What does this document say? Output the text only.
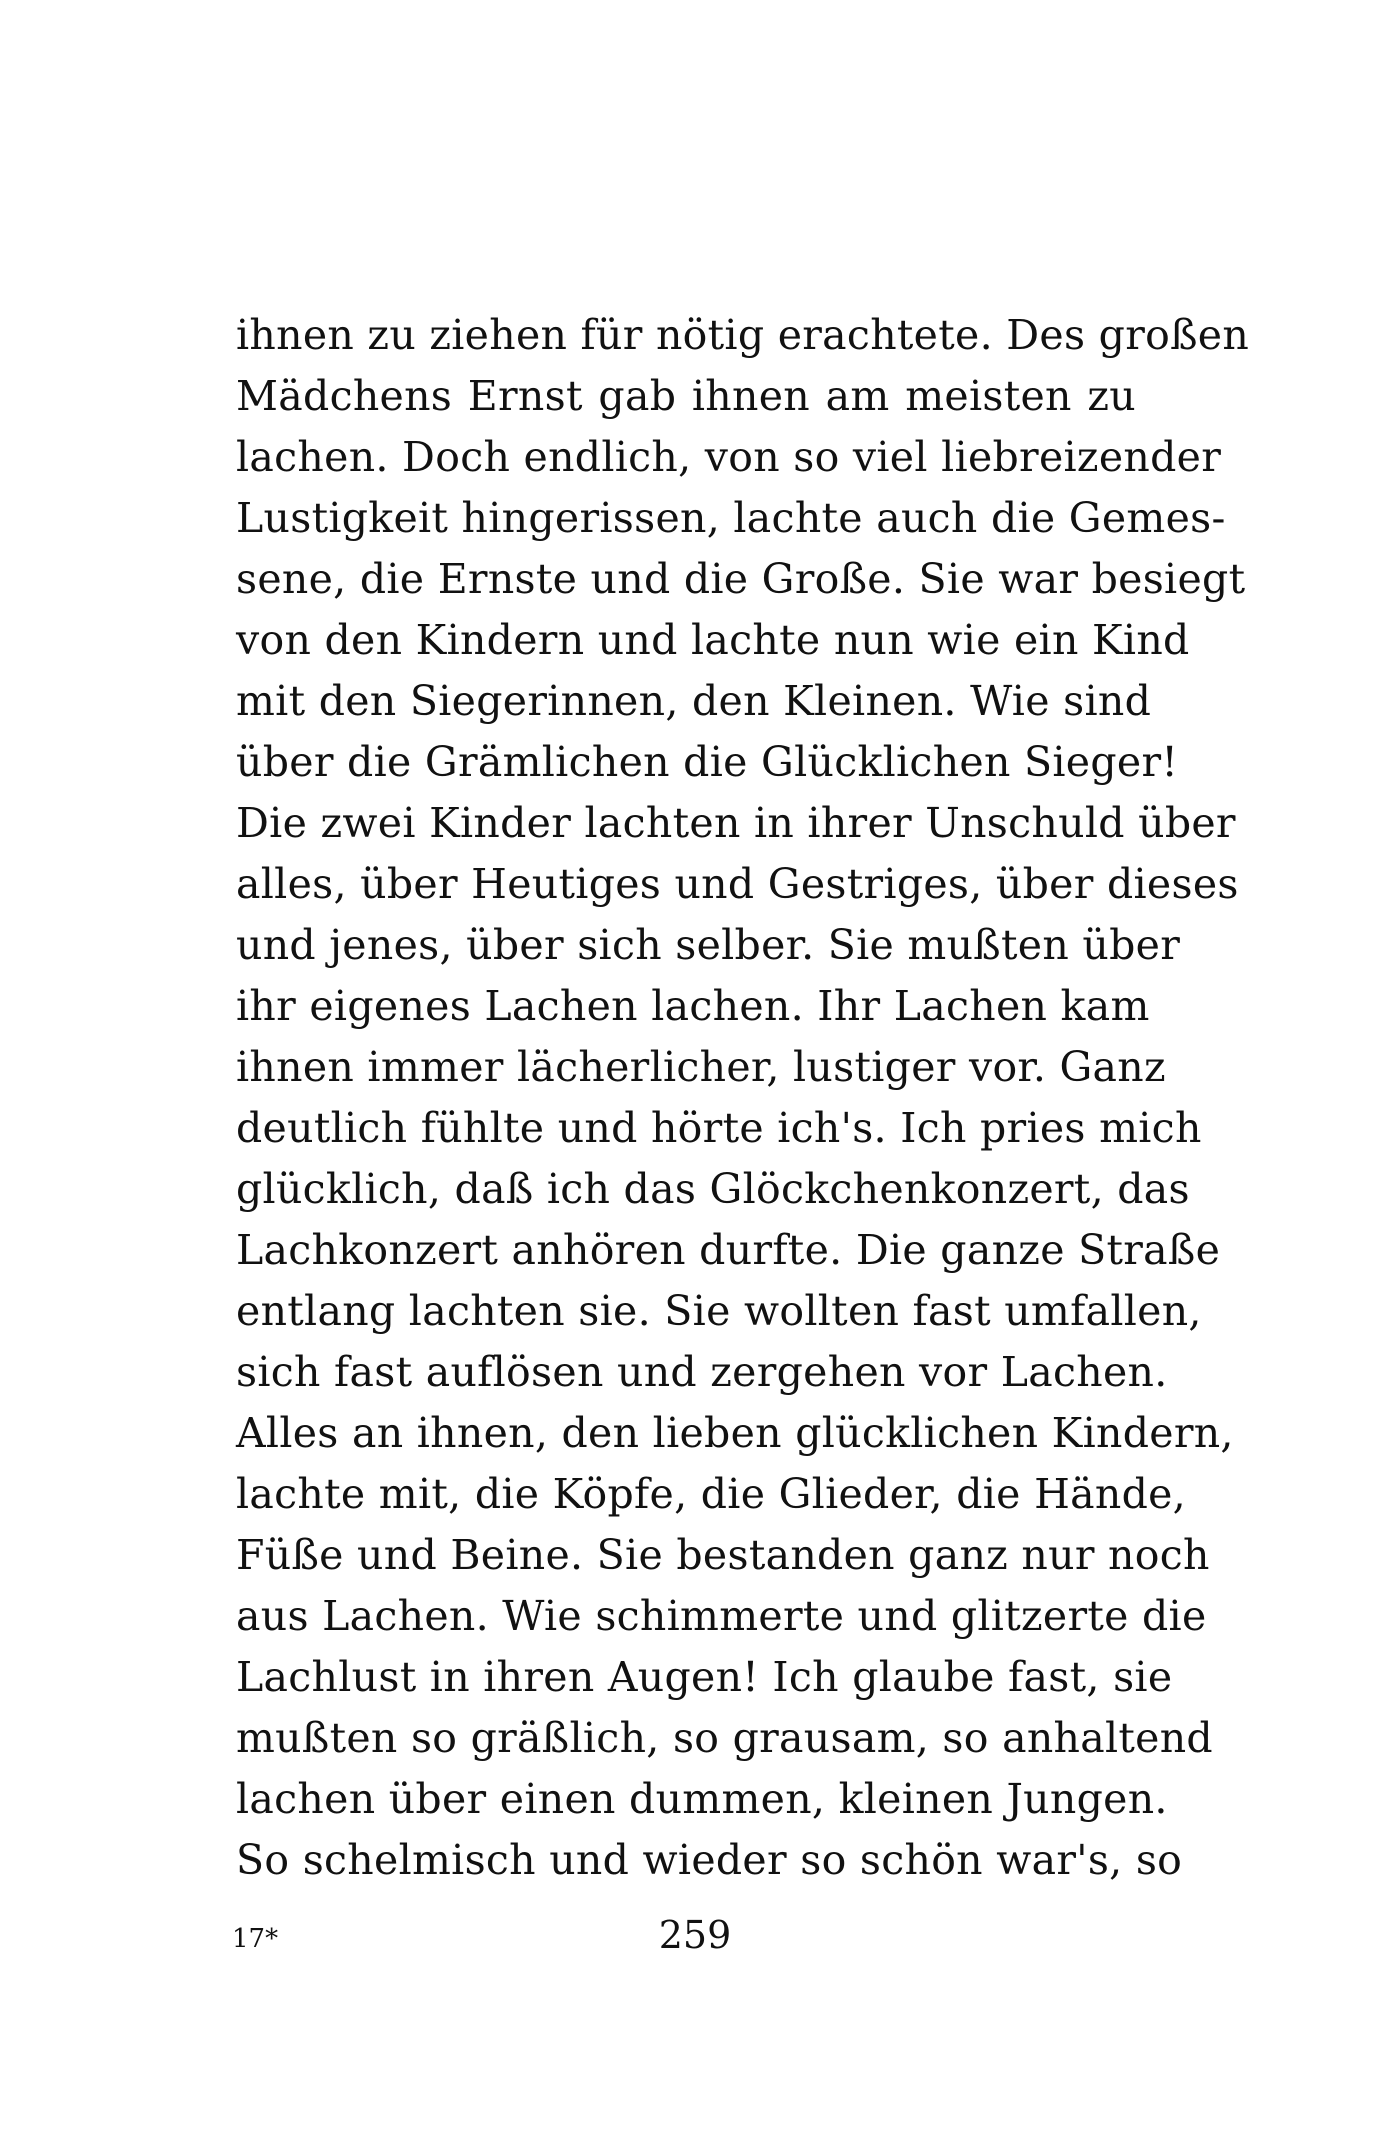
ihnen zu ziehen für nötig erachtete. Des großen
Mädchens Ernst gab ihnen am meisten zu
lachen. Doch endlich, von so viel liebreizender
Lustigkeit hingerissen, lachte auch die Gemes-
sene, die Ernste und die Große. Sie war besiegt
von den Kindern und lachte nun wie ein Kind
mit den Siegerinnen, den Kleinen. Wie sind
über die Grämlichen die Glücklichen Sieger!
Die zwei Kinder lachten in ihrer Unschuld über
alles, über Heutiges und Gestriges, über dieses
und jenes, über sich selber. Sie mußten über
ihr eigenes Lachen lachen. Ihr Lachen kam
ihnen immer lächerlicher, lustiger vor. Ganz
deutlich fühlte und hörte ich's. Ich pries mich
glücklich, daß ich das Glöckchenkonzert, das
Lachkonzert anhören durfte. Die ganze Straße
entlang lachten sie. Sie wollten fast umfallen,
sich fast auflösen und zergehen vor Lachen.
Alles an ihnen, den lieben glücklichen Kindern,
lachte mit, die Köpfe, die Glieder, die Hände,
Füße und Beine. Sie bestanden ganz nur noch
aus Lachen. Wie schimmerte und glitzerte die
Lachlust in ihren Augen! Ich glaube fast, sie
mußten so gräßlich, so grausam, so anhaltend
lachen über einen dummen, kleinen Jungen.
So schelmisch und wieder so schön war's, so
17*	259
